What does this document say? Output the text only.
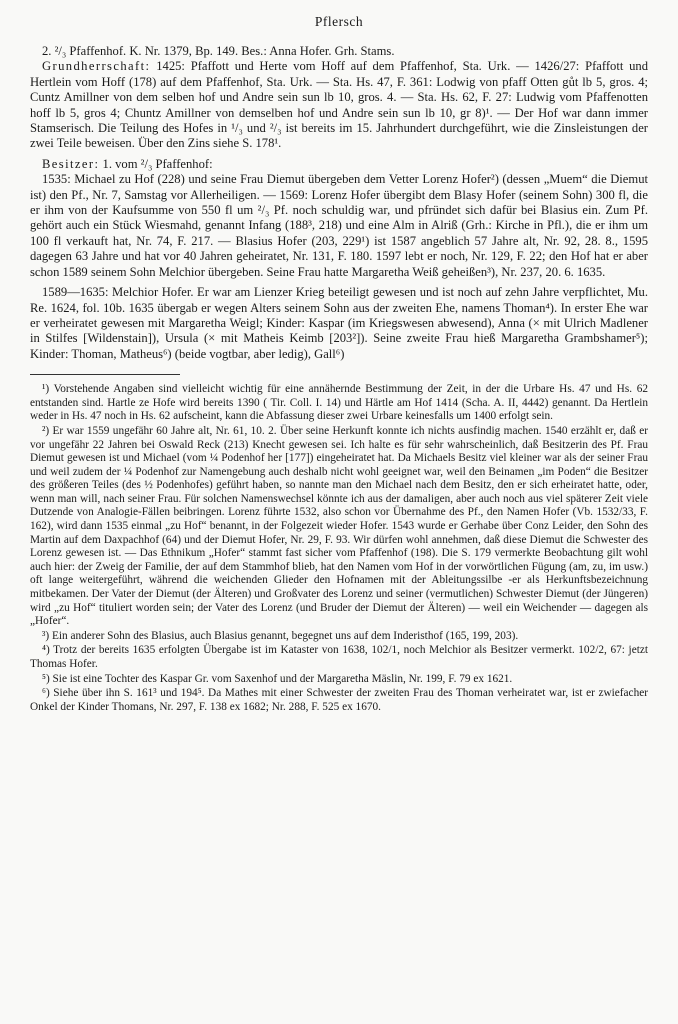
Pflersch

2. ²/₃ Pfaffenhof. K. Nr. 1379, Bp. 149. Bes.: Anna Hofer. Grh. Stams.

Grundherrschaft: 1425: Pfaffott und Herte vom Hoff auf dem Pfaffenhof, Sta. Urk. — 1426/27: Pfaffott und Hertlein vom Hoff (178) auf dem Pfaffenhof, Sta. Urk. — Sta. Hs. 47, F. 361: Lodwig von pfaff Otten gůt lb 5, gros. 4; Cuntz Amillner von dem selben hof und Andre sein sun lb 10, gros. 4. — Sta. Hs. 62, F. 27: Ludwig vom Pfaffenotten hoff lb 5, gros 4; Chuntz Amillner von demselben hof und Andre sein sun lb 10, gr 8)¹. — Der Hof war dann immer Stamserisch. Die Teilung des Hofes in ¹/₃ und ²/₃ ist bereits im 15. Jahrhundert durchgeführt, wie die Zinsleistungen der zwei Teile beweisen. Über den Zins siehe S. 178¹.

Besitzer: 1. vom ²/₃ Pfaffenhof:

1535: Michael zu Hof (228) und seine Frau Diemut übergeben dem Vetter Lorenz Hofer²) (dessen „Muem“ die Diemut ist) den Pf., Nr. 7, Samstag vor Allerheiligen. — 1569: Lorenz Hofer übergibt dem Blasy Hofer (seinem Sohn) 300 fl, die er ihm von der Kaufsumme von 550 fl um ²/₃ Pf. noch schuldig war, und pfründet sich dafür bei Blasius ein. Zum Pf. gehört auch ein Stück Wiesmahd, genannt Infang (188³, 218) und eine Alm in Alriß (Grh.: Kirche in Pfl.), die er ihm um 100 fl verkauft hat, Nr. 74, F. 217. — Blasius Hofer (203, 229¹) ist 1587 angeblich 57 Jahre alt, Nr. 92, 28. 8., 1595 dagegen 63 Jahre und hat vor 40 Jahren geheiratet, Nr. 131, F. 180. 1597 lebt er noch, Nr. 129, F. 22; den Hof hat er aber schon 1589 seinem Sohn Melchior übergeben. Seine Frau hatte Margaretha Weiß geheißen³), Nr. 237, 20. 6. 1635.

1589—1635: Melchior Hofer. Er war am Lienzer Krieg beteiligt gewesen und ist noch auf zehn Jahre verpflichtet, Mu. Re. 1624, fol. 10b. 1635 übergab er wegen Alters seinem Sohn aus der zweiten Ehe, namens Thoman⁴). In erster Ehe war er verheiratet gewesen mit Margaretha Weigl; Kinder: Kaspar (im Kriegswesen abwesend), Anna (× mit Ulrich Madlener in Stilfes [Wildenstain]), Ursula (× mit Matheis Keimb [203²]). Seine zweite Frau hieß Margaretha Grambshamer⁵); Kinder: Thoman, Matheus⁶) (beide vogtbar, aber ledig), Gall⁶)

¹) Vorstehende Angaben sind vielleicht wichtig für eine annähernde Bestimmung der Zeit, in der die Urbare Hs. 47 und Hs. 62 entstanden sind. Hartle ze Hofe wird bereits 1390 ( Tir. Coll. I. 14) und Härtle am Hof 1414 (Scha. A. II, 4442) genannt. Da Hertlein weder in Hs. 47 noch in Hs. 62 aufscheint, kann die Abfassung dieser zwei Urbare keinesfalls um 1400 erfolgt sein.

²) Er war 1559 ungefähr 60 Jahre alt, Nr. 61, 10. 2. Über seine Herkunft konnte ich nichts ausfindig machen. 1540 erzählt er, daß er vor ungefähr 22 Jahren bei Oswald Reck (213) Knecht gewesen sei. Ich halte es für sehr wahrscheinlich, daß Besitzerin des Pf. Frau Diemut gewesen ist und Michael (vom ¼ Podenhof her [177]) eingeheiratet hat. Da Michaels Besitz viel kleiner war als der seiner Frau und weil zudem der ¼ Podenhof zur Namengebung auch deshalb nicht wohl geeignet war, weil den Beinamen „im Poden“ die Besitzer des größeren Teiles (des ½ Podenhofes) geführt haben, so nannte man den Michael nach dem Besitz, den er sich erheiratet hatte, oder, wenn man will, nach seiner Frau. Für solchen Namenswechsel könnte ich aus der damaligen, aber auch noch aus viel späterer Zeit viele Dutzende von Analogie-Fällen beibringen. Lorenz führte 1532, also schon vor Übernahme des Pf., den Namen Hofer (Vb. 1532/33, F. 162), wird dann 1535 einmal „zu Hof“ benannt, in der Folgezeit wieder Hofer. 1543 wurde er Gerhabe über Conz Leider, den Sohn des Martin auf dem Daxpachhof (64) und der Diemut Hofer, Nr. 29, F. 93. Wir dürfen wohl annehmen, daß diese Diemut die Schwester des Lorenz gewesen ist. — Das Ethnikum „Hofer“ stammt fast sicher vom Pfaffenhof (198). Die S. 179 vermerkte Beobachtung gilt wohl auch hier: der Zweig der Familie, der auf dem Stammhof blieb, hat den Namen vom Hof in der vorwörtlichen Fügung (am, zu, im usw.) oft lange weitergeführt, während die weichenden Glieder den Hofnamen mit der Ableitungssilbe -er als Herkunftsbezeichnung mitbekamen. Der Vater der Diemut (der Älteren) und Großvater des Lorenz und seiner (vermutlichen) Schwester Diemut (der Jüngeren) wird „zu Hof“ tituliert worden sein; der Vater des Lorenz (und Bruder der Diemut der Älteren) — weil ein Weichender — dagegen als „Hofer“.

³) Ein anderer Sohn des Blasius, auch Blasius genannt, begegnet uns auf dem Inderisthof (165, 199, 203).

⁴) Trotz der bereits 1635 erfolgten Übergabe ist im Kataster von 1638, 102/1, noch Melchior als Besitzer vermerkt. 102/2, 67: jetzt Thomas Hofer.

⁵) Sie ist eine Tochter des Kaspar Gr. vom Saxenhof und der Margaretha Mäslin, Nr. 199, F. 79 ex 1621.

⁶) Siehe über ihn S. 161³ und 194⁵. Da Mathes mit einer Schwester der zweiten Frau des Thoman verheiratet war, ist er zwiefacher Onkel der Kinder Thomans, Nr. 297, F. 138 ex 1682; Nr. 288, F. 525 ex 1670.
